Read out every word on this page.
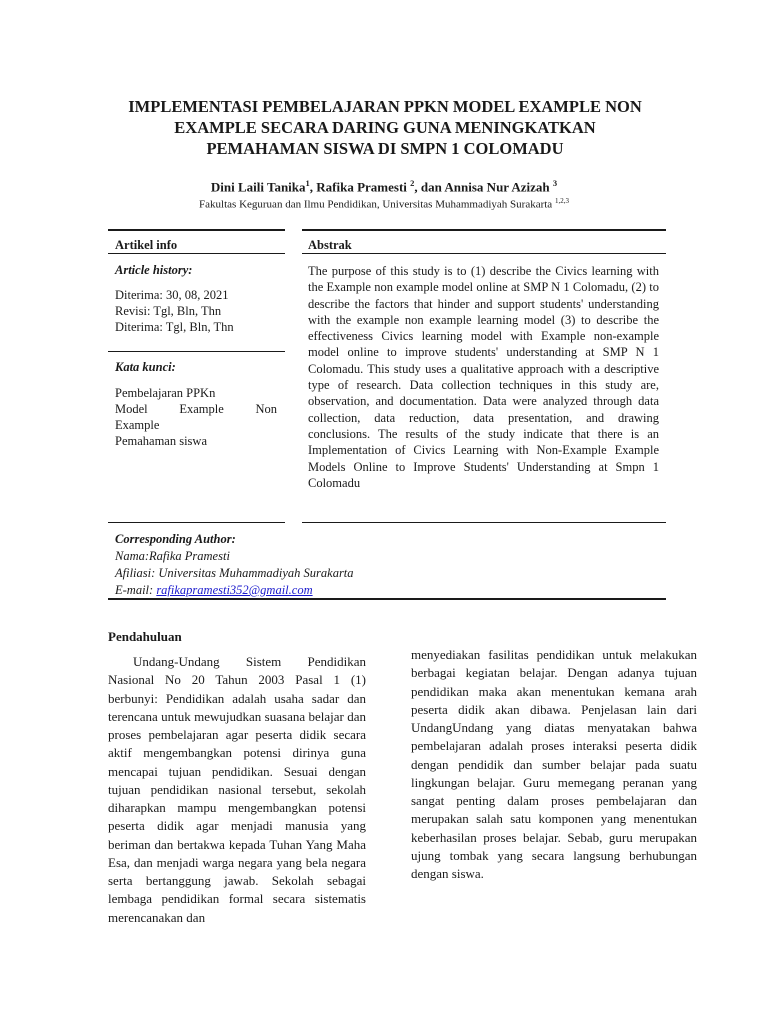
IMPLEMENTASI PEMBELAJARAN PPKN MODEL EXAMPLE NON
EXAMPLE SECARA DARING GUNA MENINGKATKAN
PEMAHAMAN SISWA DI SMPN 1 COLOMADU
Dini Laili Tanika$^1$, Rafika Pramesti $^2$, dan Annisa Nur Azizah $^3$
Fakultas Keguruan dan Ilmu Pendidikan, Universitas Muhammadiyah Surakarta $^{1,2,3}$
Artikel info
Article history:
Diterima: 30, 08, 2021
Revisi: Tgl, Bln, Thn
Diterima: Tgl, Bln, Thn
Kata kunci:
Pembelajaran PPKn
Model	Example	Non
Example
Pemahaman siswa
Abstrak

The purpose of this study is to (1) describe the Civics learning with the Example non example model online at SMP N 1 Colomadu, (2) to describe the factors that hinder and support students' understanding with the example non example learning model (3) to describe the effectiveness Civics learning model with Example non-example model online to improve students' understanding at SMP N 1 Colomadu. This study uses a qualitative approach with a descriptive type of research. Data collection techniques in this study are, observation, and documentation. Data were analyzed through data collection, data reduction, data presentation, and drawing conclusions. The results of the study indicate that there is an Implementation of Civics Learning with Non-Example Example Models Online to Improve Students' Understanding at Smpn 1 Colomadu

Corresponding Author:
Nama:Rafika Pramesti
Afiliasi: Universitas Muhammadiyah Surakarta
E-mail: rafikapramesti352@gmail.com
Pendahuluan

Undang-Undang Sistem Pendidikan Nasional No 20 Tahun 2003 Pasal 1 (1) berbunyi: Pendidikan adalah usaha sadar dan terencana untuk mewujudkan suasana belajar dan proses pembelajaran agar peserta didik secara aktif mengembangkan potensi dirinya guna mencapai tujuan pendidikan. Sesuai dengan tujuan pendidikan nasional tersebut, sekolah diharapkan mampu mengembangkan potensi peserta didik agar menjadi manusia yang beriman dan bertakwa kepada Tuhan Yang Maha Esa, dan menjadi warga negara yang bela negara serta bertanggung jawab. Sekolah sebagai lembaga pendidikan formal secara sistematis merencanakan dan

menyediakan fasilitas pendidikan untuk melakukan berbagai kegiatan belajar. Dengan adanya tujuan pendidikan maka akan menentukan kemana arah peserta didik akan dibawa. Penjelasan lain dari UndangUndang yang diatas menyatakan bahwa pembelajaran adalah proses interaksi peserta didik dengan pendidik dan sumber belajar pada suatu lingkungan belajar. Guru memegang peranan yang sangat penting dalam proses pembelajaran dan merupakan salah satu komponen yang menentukan keberhasilan proses belajar. Sebab, guru merupakan ujung tombak yang secara langsung berhubungan dengan siswa.
